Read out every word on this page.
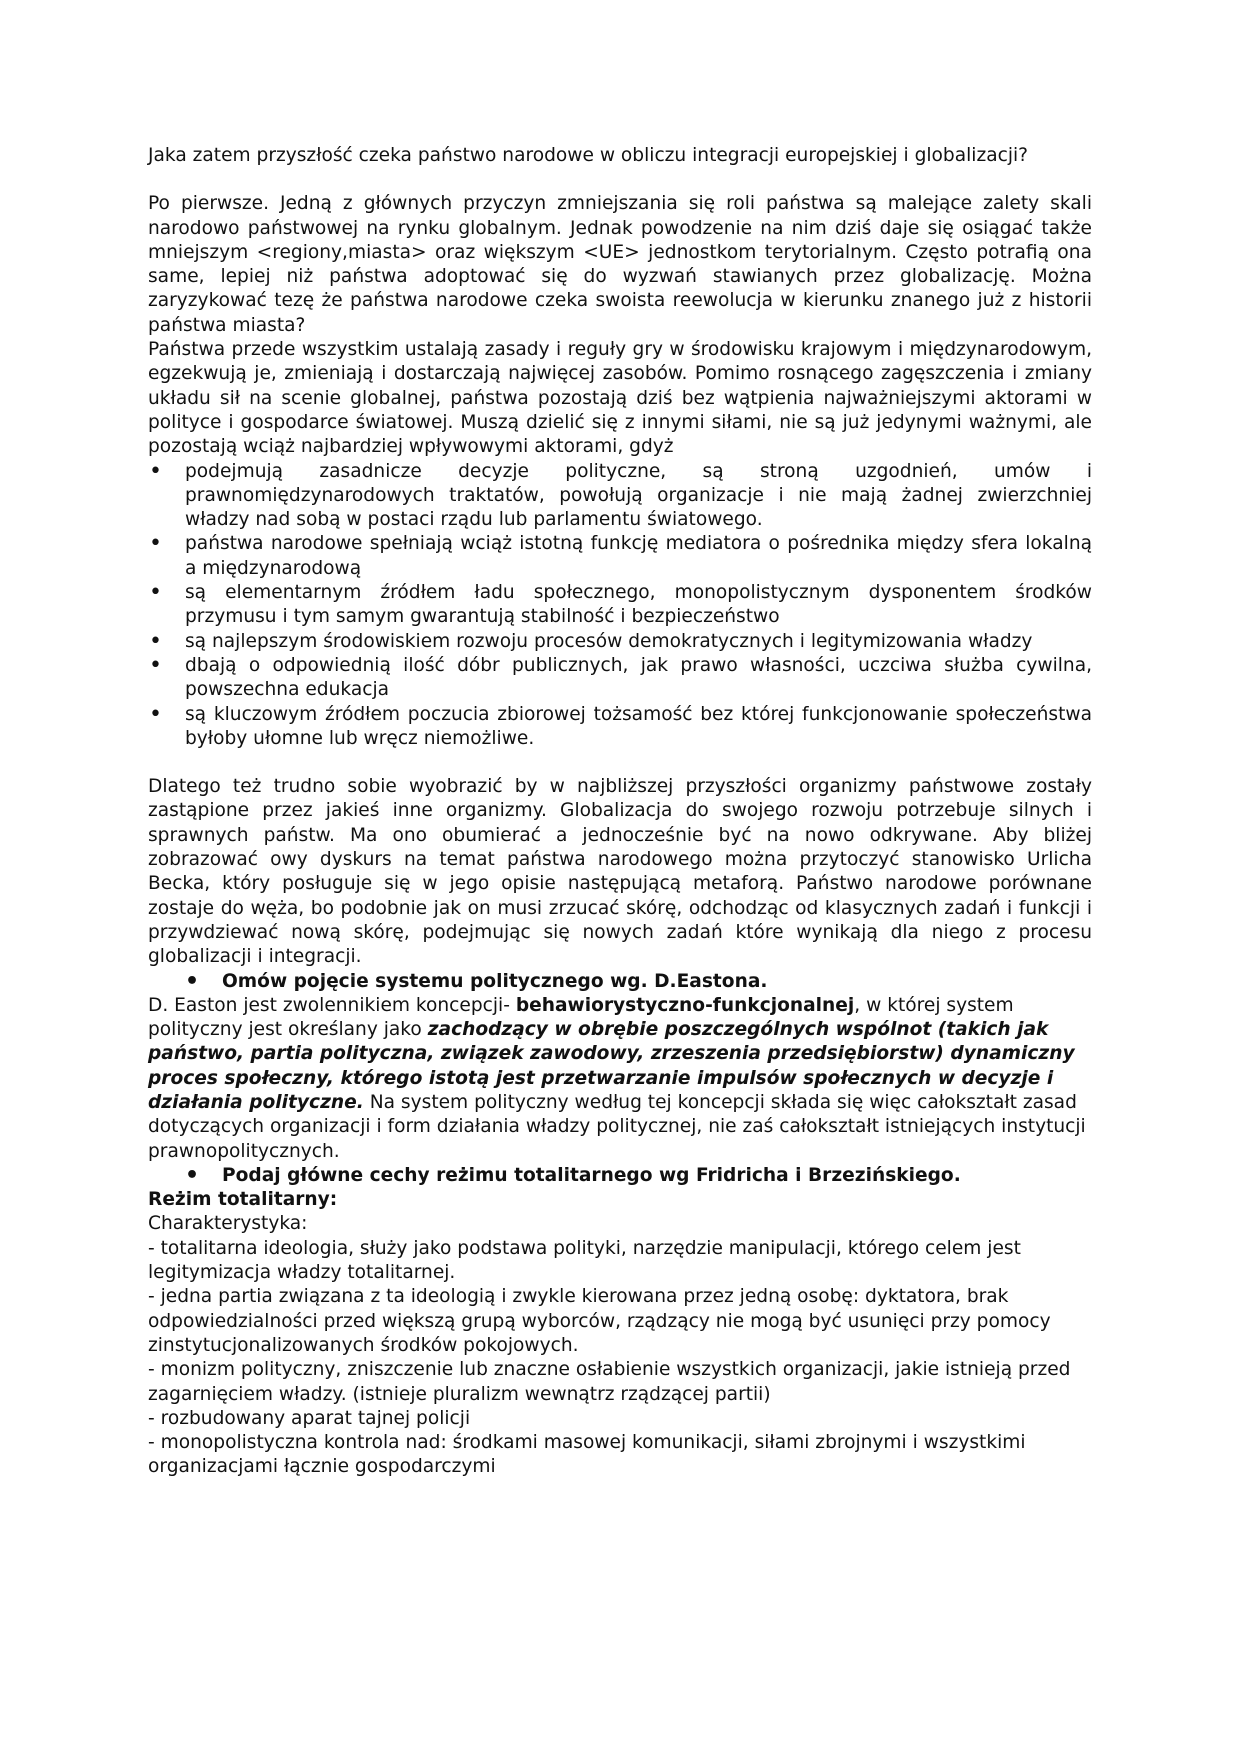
Jaka zatem przyszłość czeka państwo narodowe w obliczu integracji europejskiej i globalizacji?

Po pierwsze. Jedną z głównych przyczyn zmniejszania się roli państwa są malejące zalety skali narodowo państwowej na rynku globalnym. Jednak powodzenie na nim dziś daje się osiągać także mniejszym <regiony,miasta> oraz większym <UE> jednostkom terytorialnym. Często potrafią ona same, lepiej niż państwa adoptować się do wyzwań stawianych przez globalizację. Można zaryzykować tezę że państwa narodowe czeka swoista reewolucja w kierunku znanego już z historii państwa miasta?

Państwa przede wszystkim ustalają zasady i reguły gry w środowisku krajowym i międzynarodowym, egzekwują je, zmieniają i dostarczają najwięcej zasobów. Pomimo rosnącego zagęszczenia i zmiany układu sił na scenie globalnej, państwa pozostają dziś bez wątpienia najważniejszymi aktorami w polityce i gospodarce światowej. Muszą dzielić się z innymi siłami, nie są już jedynymi ważnymi, ale pozostają wciąż najbardziej wpływowymi aktorami, gdyż

• podejmują zasadnicze decyzje polityczne, są stroną uzgodnień, umów i prawnomiędzynarodowych traktatów, powołują organizacje i nie mają żadnej zwierzchniej władzy nad sobą w postaci rządu lub parlamentu światowego.
• państwa narodowe spełniają wciąż istotną funkcję mediatora o pośrednika między sfera lokalną a międzynarodową
• są elementarnym źródłem ładu społecznego, monopolistycznym dysponentem środków przymusu i tym samym gwarantują stabilność i bezpieczeństwo
• są najlepszym środowiskiem rozwoju procesów demokratycznych i legitymizowania władzy
• dbają o odpowiednią ilość dóbr publicznych, jak prawo własności, uczciwa służba cywilna, powszechna edukacja
• są kluczowym źródłem poczucia zbiorowej tożsamość bez której funkcjonowanie społeczeństwa byłoby ułomne lub wręcz niemożliwe.

Dlatego też trudno sobie wyobrazić by w najbliższej przyszłości organizmy państwowe zostały zastąpione przez jakieś inne organizmy. Globalizacja do swojego rozwoju potrzebuje silnych i sprawnych państw. Ma ono obumierać a jednocześnie być na nowo odkrywane. Aby bliżej zobrazować owy dyskurs na temat państwa narodowego można przytoczyć stanowisko Urlicha Becka, który posługuje się w jego opisie następującą metaforą. Państwo narodowe porównane zostaje do węża, bo podobnie jak on musi zrzucać skórę, odchodząc od klasycznych zadań i funkcji i przywdziewać nową skórę, podejmując się nowych zadań które wynikają dla niego z procesu globalizacji i integracji.

• Omów pojęcie systemu politycznego wg. D.Eastona.

D. Easton jest zwolennikiem koncepcji- behawiorystyczno-funkcjonalnej, w której system polityczny jest określany jako zachodzący w obrębie poszczególnych wspólnot (takich jak państwo, partia polityczna, związek zawodowy, zrzeszenia przedsiębiorstw) dynamiczny proces społeczny, którego istotą jest przetwarzanie impulsów społecznych w decyzje i działania polityczne. Na system polityczny według tej koncepcji składa się więc całokształt zasad dotyczących organizacji i form działania władzy politycznej, nie zaś całokształt istniejących instytucji prawnopolitycznych.

• Podaj główne cechy reżimu totalitarnego wg Fridricha i Brzezińskiego.

Reżim totalitarny:

Charakterystyka:

- totalitarna ideologia, służy jako podstawa polityki, narzędzie manipulacji, którego celem jest legitymizacja władzy totalitarnej.

- jedna partia związana z ta ideologią i zwykle kierowana przez jedną osobę: dyktatora, brak odpowiedzialności przed większą grupą wyborców, rządzący nie mogą być usunięci przy pomocy zinstytucjonalizowanych środków pokojowych.

- monizm polityczny, zniszczenie lub znaczne osłabienie wszystkich organizacji, jakie istnieją przed zagarnięciem władzy. (istnieje pluralizm wewnątrz rządzącej partii)

- rozbudowany aparat tajnej policji

- monopolistyczna kontrola nad: środkami masowej komunikacji, siłami zbrojnymi i wszystkimi organizacjami łącznie gospodarczymi
